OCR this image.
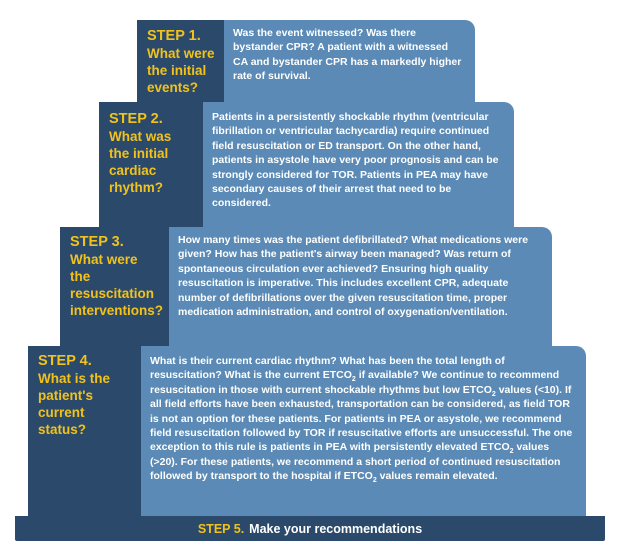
STEP 1.
What were the initial events?
Was the event witnessed? Was there bystander CPR? A patient with a witnessed CA and bystander CPR has a markedly higher rate of survival.
STEP 2.
What was the initial cardiac rhythm?
Patients in a persistently shockable rhythm (ventricular fibrillation or ventricular tachycardia) require continued field resuscitation or ED transport. On the other hand, patients in asystole have very poor prognosis and can be strongly considered for TOR. Patients in PEA may have secondary causes of their arrest that need to be considered.
STEP 3.
What were the resuscitation interventions?
How many times was the patient defibrillated? What medications were given? How has the patient's airway been managed? Was return of spontaneous circulation ever achieved? Ensuring high quality resuscitation is imperative. This includes excellent CPR, adequate number of defibrillations over the given resuscitation time, proper medication administration, and control of oxygenation/ventilation.
STEP 4.
What is the patient's current status?
What is their current cardiac rhythm? What has been the total length of resuscitation? What is the current $ETCO_2$ if available? We continue to recommend resuscitation in those with current shockable rhythms but low $ETCO_2$ values (<10). If all field efforts have been exhausted, transportation can be considered, as field TOR is not an option for these patients. For patients in PEA or asystole, we recommend field resuscitation followed by TOR if resuscitative efforts are unsuccessful. The one exception to this rule is patients in PEA with persistently elevated $ETCO_2$ values (>20). For these patients, we recommend a short period of continued resuscitation followed by transport to the hospital if $ETCO_2$ values remain elevated.
STEP 5. Make your recommendations
